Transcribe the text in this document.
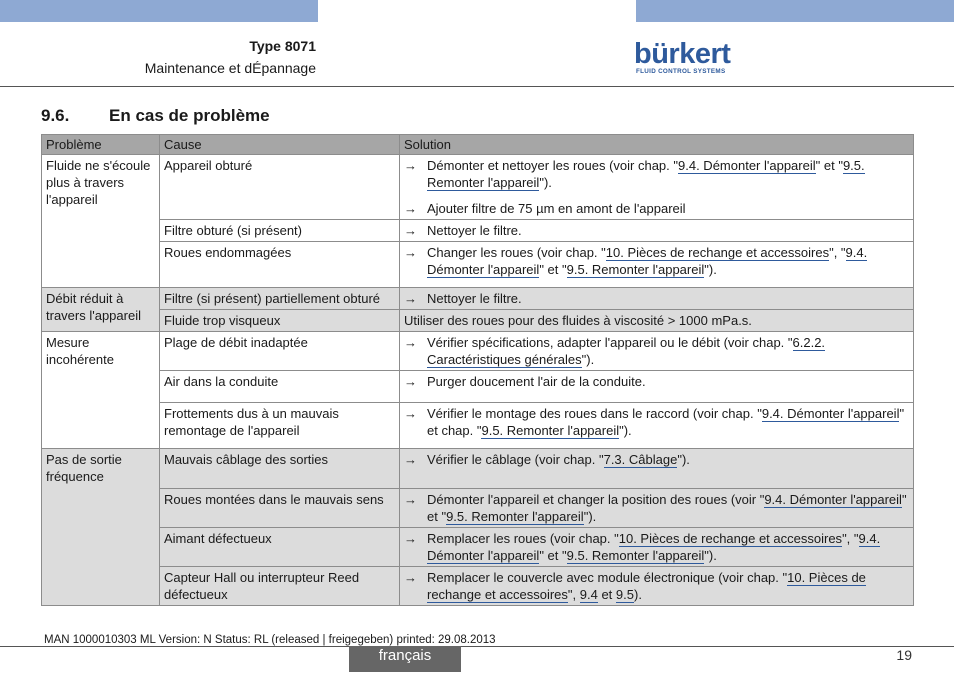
Type 8071
Maintenance et dÉpannage	bürkert
FLUID CONTROL SYSTEMS
9.6. En cas de problème
Problème	Cause	Solution
Fluide ne s'écoule plus à travers l'appareil	Appareil obturé	→ Démonter et nettoyer les roues (voir chap. "9.4. Démonter l'appareil" et "9.5. Remonter l'appareil").
→ Ajouter filtre de 75 µm en amont de l'appareil

	Filtre obturé (si présent)	→ Nettoyer le filtre.

	Roues endommagées	→ Changer les roues (voir chap. "10. Pièces de rechange et accessoires", "9.4. Démonter l'appareil" et "9.5. Remonter l'appareil").

Débit réduit à travers l'appareil	Filtre (si présent) partiellement obturé	→ Nettoyer le filtre.

	Fluide trop visqueux	Utiliser des roues pour des fluides à viscosité > 1000 mPa.s.
Mesure incohérente	Plage de débit inadaptée	→ Vérifier spécifications, adapter l'appareil ou le débit (voir chap. "6.2.2. Caractéristiques générales").

	Air dans la conduite	→ Purger doucement l'air de la conduite.

	Frottements dus à un mauvais remontage de l'appareil	→ Vérifier le montage des roues dans le raccord (voir chap. "9.4. Démonter l'appareil" et chap. "9.5. Remonter l'appareil").

Pas de sortie fréquence	Mauvais câblage des sorties	→ Vérifier le câblage (voir chap. "7.3. Câblage").

	Roues montées dans le mauvais sens	→ Démonter l'appareil et changer la position des roues (voir "9.4. Démonter l'appareil" et "9.5. Remonter l'appareil").

	Aimant défectueux	→ Remplacer les roues (voir chap. "10. Pièces de rechange et accessoires", "9.4. Démonter l'appareil" et "9.5. Remonter l'appareil").

	Capteur Hall ou interrupteur Reed défectueux	→ Remplacer le couvercle avec module électronique (voir chap. "10. Pièces de rechange et accessoires", 9.4 et 9.5).
MAN 1000010303 ML Version: N Status: RL (released | freigegeben) printed: 29.08.2013
français	19
